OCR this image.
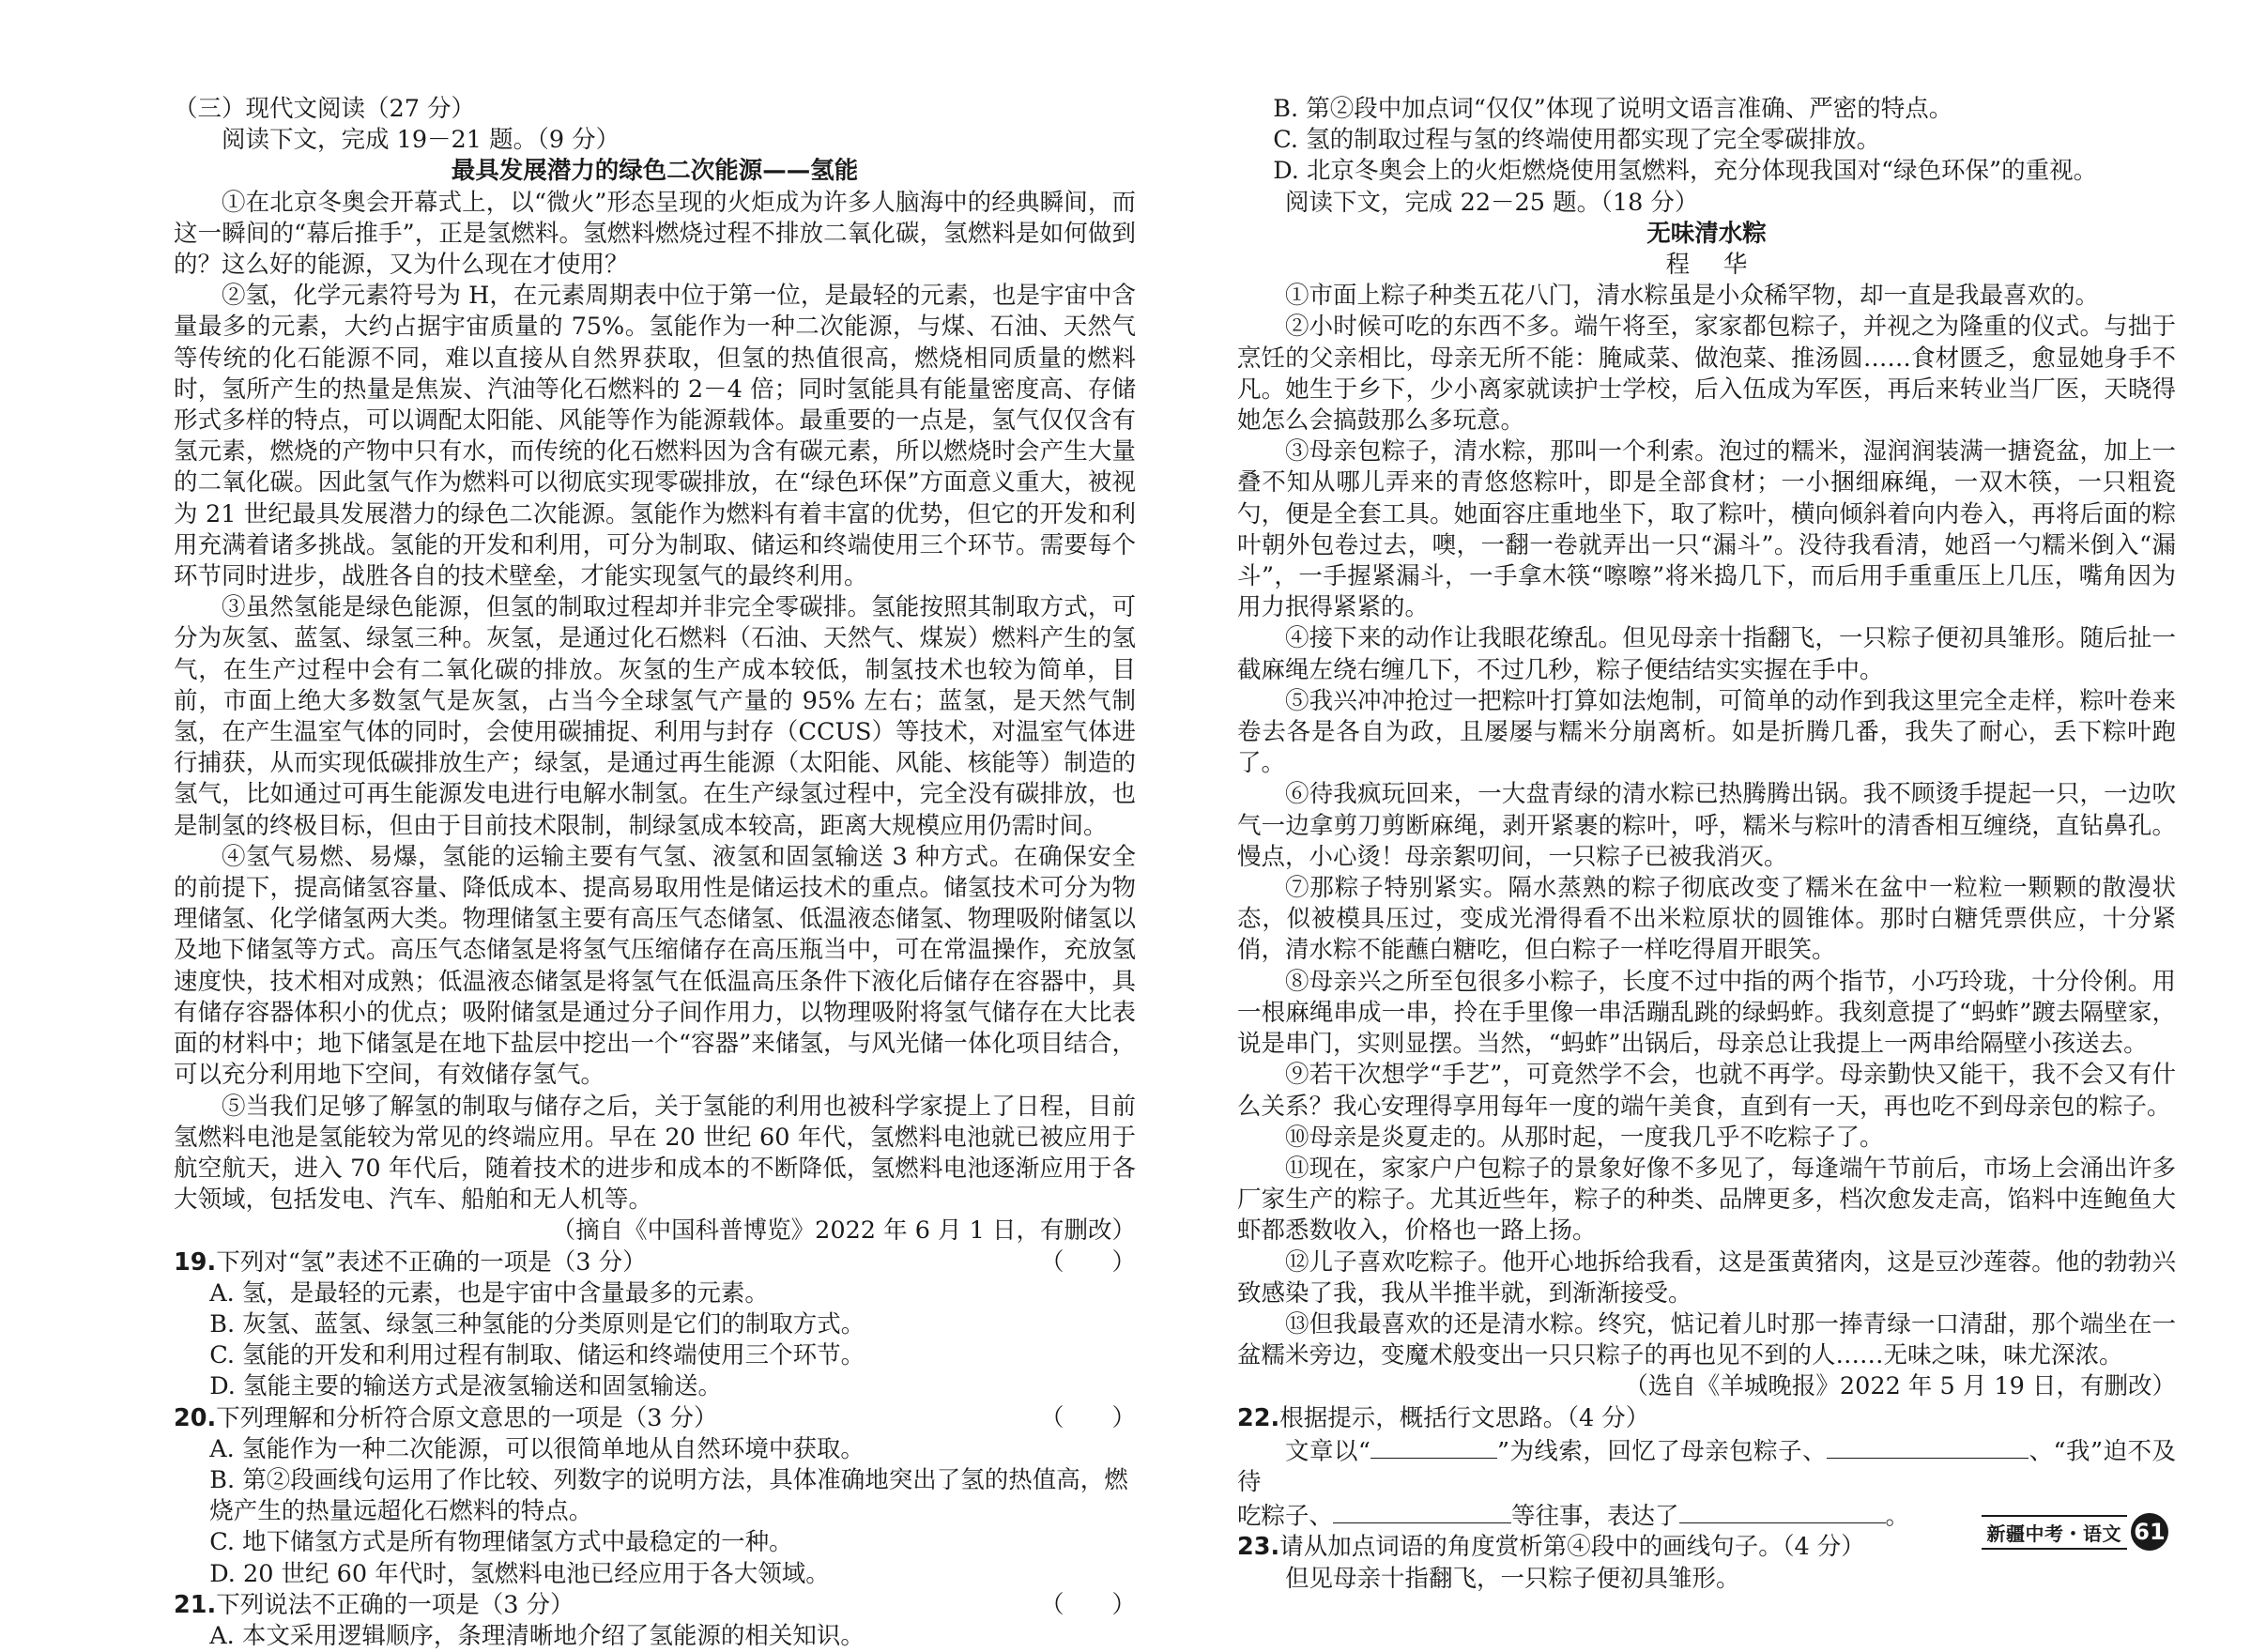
（三）现代文阅读（27 分）

阅读下文，完成 19－21 题。（9 分）

最具发展潜力的绿色二次能源——氢能

①在北京冬奥会开幕式上，以“微火”形态呈现的火炬成为许多人脑海中的经典瞬间，而这一瞬间的“幕后推手”，正是氢燃料。氢燃料燃烧过程不排放二氧化碳，氢燃料是如何做到的？这么好的能源，又为什么现在才使用？

②氢，化学元素符号为 H，在元素周期表中位于第一位，是最轻的元素，也是宇宙中含量最多的元素，大约占据宇宙质量的 75%。氢能作为一种二次能源，与煤、石油、天然气等传统的化石能源不同，难以直接从自然界获取，但氢的热值很高，燃烧相同质量的燃料时，氢所产生的热量是焦炭、汽油等化石燃料的 2－4 倍；同时氢能具有能量密度高、存储形式多样的特点，可以调配太阳能、风能等作为能源载体。最重要的一点是，氢气仅仅含有氢元素，燃烧的产物中只有水，而传统的化石燃料因为含有碳元素，所以燃烧时会产生大量的二氧化碳。因此氢气作为燃料可以彻底实现零碳排放，在“绿色环保”方面意义重大，被视为 21 世纪最具发展潜力的绿色二次能源。氢能作为燃料有着丰富的优势，但它的开发和利用充满着诸多挑战。氢能的开发和利用，可分为制取、储运和终端使用三个环节。需要每个环节同时进步，战胜各自的技术壁垒，才能实现氢气的最终利用。

③虽然氢能是绿色能源，但氢的制取过程却并非完全零碳排。氢能按照其制取方式，可分为灰氢、蓝氢、绿氢三种。灰氢，是通过化石燃料（石油、天然气、煤炭）燃料产生的氢气，在生产过程中会有二氧化碳的排放。灰氢的生产成本较低，制氢技术也较为简单，目前，市面上绝大多数氢气是灰氢，占当今全球氢气产量的 95% 左右；蓝氢，是天然气制氢，在产生温室气体的同时，会使用碳捕捉、利用与封存（CCUS）等技术，对温室气体进行捕获，从而实现低碳排放生产；绿氢，是通过再生能源（太阳能、风能、核能等）制造的氢气，比如通过可再生能源发电进行电解水制氢。在生产绿氢过程中，完全没有碳排放，也是制氢的终极目标，但由于目前技术限制，制绿氢成本较高，距离大规模应用仍需时间。

④氢气易燃、易爆，氢能的运输主要有气氢、液氢和固氢输送 3 种方式。在确保安全的前提下，提高储氢容量、降低成本、提高易取用性是储运技术的重点。储氢技术可分为物理储氢、化学储氢两大类。物理储氢主要有高压气态储氢、低温液态储氢、物理吸附储氢以及地下储氢等方式。高压气态储氢是将氢气压缩储存在高压瓶当中，可在常温操作，充放氢速度快，技术相对成熟；低温液态储氢是将氢气在低温高压条件下液化后储存在容器中，具有储存容器体积小的优点；吸附储氢是通过分子间作用力，以物理吸附将氢气储存在大比表面的材料中；地下储氢是在地下盐层中挖出一个“容器”来储氢，与风光储一体化项目结合，可以充分利用地下空间，有效储存氢气。

⑤当我们足够了解氢的制取与储存之后，关于氢能的利用也被科学家提上了日程，目前氢燃料电池是氢能较为常见的终端应用。早在 20 世纪 60 年代，氢燃料电池就已被应用于航空航天，进入 70 年代后，随着技术的进步和成本的不断降低，氢燃料电池逐渐应用于各大领域，包括发电、汽车、船舶和无人机等。

（摘自《中国科普博览》2022 年 6 月 1 日，有删改）

19.下列对“氢”表述不正确的一项是（3 分）	（　　）

A. 氢，是最轻的元素，也是宇宙中含量最多的元素。

B. 灰氢、蓝氢、绿氢三种氢能的分类原则是它们的制取方式。

C. 氢能的开发和利用过程有制取、储运和终端使用三个环节。

D. 氢能主要的输送方式是液氢输送和固氢输送。

20.下列理解和分析符合原文意思的一项是（3 分）	（　　）

A. 氢能作为一种二次能源，可以很简单地从自然环境中获取。

B. 第②段画线句运用了作比较、列数字的说明方法，具体准确地突出了氢的热值高，燃烧产生的热量远超化石燃料的特点。

C. 地下储氢方式是所有物理储氢方式中最稳定的一种。

D. 20 世纪 60 年代时，氢燃料电池已经应用于各大领域。

21.下列说法不正确的一项是（3 分）	（　　）

A. 本文采用逻辑顺序，条理清晰地介绍了氢能源的相关知识。

B. 第②段中加点词“仅仅”体现了说明文语言准确、严密的特点。

C. 氢的制取过程与氢的终端使用都实现了完全零碳排放。

D. 北京冬奥会上的火炬燃烧使用氢燃料，充分体现我国对“绿色环保”的重视。

阅读下文，完成 22－25 题。（18 分）

无味清水粽

程华

①市面上粽子种类五花八门，清水粽虽是小众稀罕物，却一直是我最喜欢的。

②小时候可吃的东西不多。端午将至，家家都包粽子，并视之为隆重的仪式。与拙于烹饪的父亲相比，母亲无所不能：腌咸菜、做泡菜、推汤圆……食材匮乏，愈显她身手不凡。她生于乡下，少小离家就读护士学校，后入伍成为军医，再后来转业当厂医，天晓得她怎么会搞鼓那么多玩意。

③母亲包粽子，清水粽，那叫一个利索。泡过的糯米，湿润润装满一搪瓷盆，加上一叠不知从哪儿弄来的青悠悠粽叶，即是全部食材；一小捆细麻绳，一双木筷，一只粗瓷勺，便是全套工具。她面容庄重地坐下，取了粽叶，横向倾斜着向内卷入，再将后面的粽叶朝外包卷过去，噢，一翻一卷就弄出一只“漏斗”。没待我看清，她舀一勺糯米倒入“漏斗”，一手握紧漏斗，一手拿木筷“嚓嚓”将米捣几下，而后用手重重压上几压，嘴角因为用力抿得紧紧的。

④接下来的动作让我眼花缭乱。但见母亲十指翻飞，一只粽子便初具雏形。随后扯一截麻绳左绕右缠几下，不过几秒，粽子便结结实实握在手中。

⑤我兴冲冲抢过一把粽叶打算如法炮制，可简单的动作到我这里完全走样，粽叶卷来卷去各是各自为政，且屡屡与糯米分崩离析。如是折腾几番，我失了耐心，丢下粽叶跑了。

⑥待我疯玩回来，一大盘青绿的清水粽已热腾腾出锅。我不顾烫手提起一只，一边吹气一边拿剪刀剪断麻绳，剥开紧裹的粽叶，呼，糯米与粽叶的清香相互缠绕，直钻鼻孔。慢点，小心烫！母亲絮叨间，一只粽子已被我消灭。

⑦那粽子特别紧实。隔水蒸熟的粽子彻底改变了糯米在盆中一粒粒一颗颗的散漫状态，似被模具压过，变成光滑得看不出米粒原状的圆锥体。那时白糖凭票供应，十分紧俏，清水粽不能蘸白糖吃，但白粽子一样吃得眉开眼笑。

⑧母亲兴之所至包很多小粽子，长度不过中指的两个指节，小巧玲珑，十分伶俐。用一根麻绳串成一串，拎在手里像一串活蹦乱跳的绿蚂蚱。我刻意提了“蚂蚱”踱去隔壁家，说是串门，实则显摆。当然，“蚂蚱”出锅后，母亲总让我提上一两串给隔壁小孩送去。

⑨若干次想学“手艺”，可竟然学不会，也就不再学。母亲勤快又能干，我不会又有什么关系？我心安理得享用每年一度的端午美食，直到有一天，再也吃不到母亲包的粽子。

⑩母亲是炎夏走的。从那时起，一度我几乎不吃粽子了。

⑪现在，家家户户包粽子的景象好像不多见了，每逢端午节前后，市场上会涌出许多厂家生产的粽子。尤其近些年，粽子的种类、品牌更多，档次愈发走高，馅料中连鲍鱼大虾都悉数收入，价格也一路上扬。

⑫儿子喜欢吃粽子。他开心地拆给我看，这是蛋黄猪肉，这是豆沙莲蓉。他的勃勃兴致感染了我，我从半推半就，到渐渐接受。

⑬但我最喜欢的还是清水粽。终究，惦记着儿时那一捧青绿一口清甜，那个端坐在一盆糯米旁边，变魔术般变出一只只粽子的再也见不到的人……无味之味，味尤深浓。

（选自《羊城晚报》2022 年 5 月 19 日，有删改）

22.根据提示，概括行文思路。（4 分）

文章以“	”为线索，回忆了母亲包粽子、	、“我”迫不及待

吃粽子、	等往事，表达了	。

23.请从加点词语的角度赏析第④段中的画线句子。（4 分）

但见母亲十指翻飞，一只粽子便初具雏形。

新疆中考・语文 61
